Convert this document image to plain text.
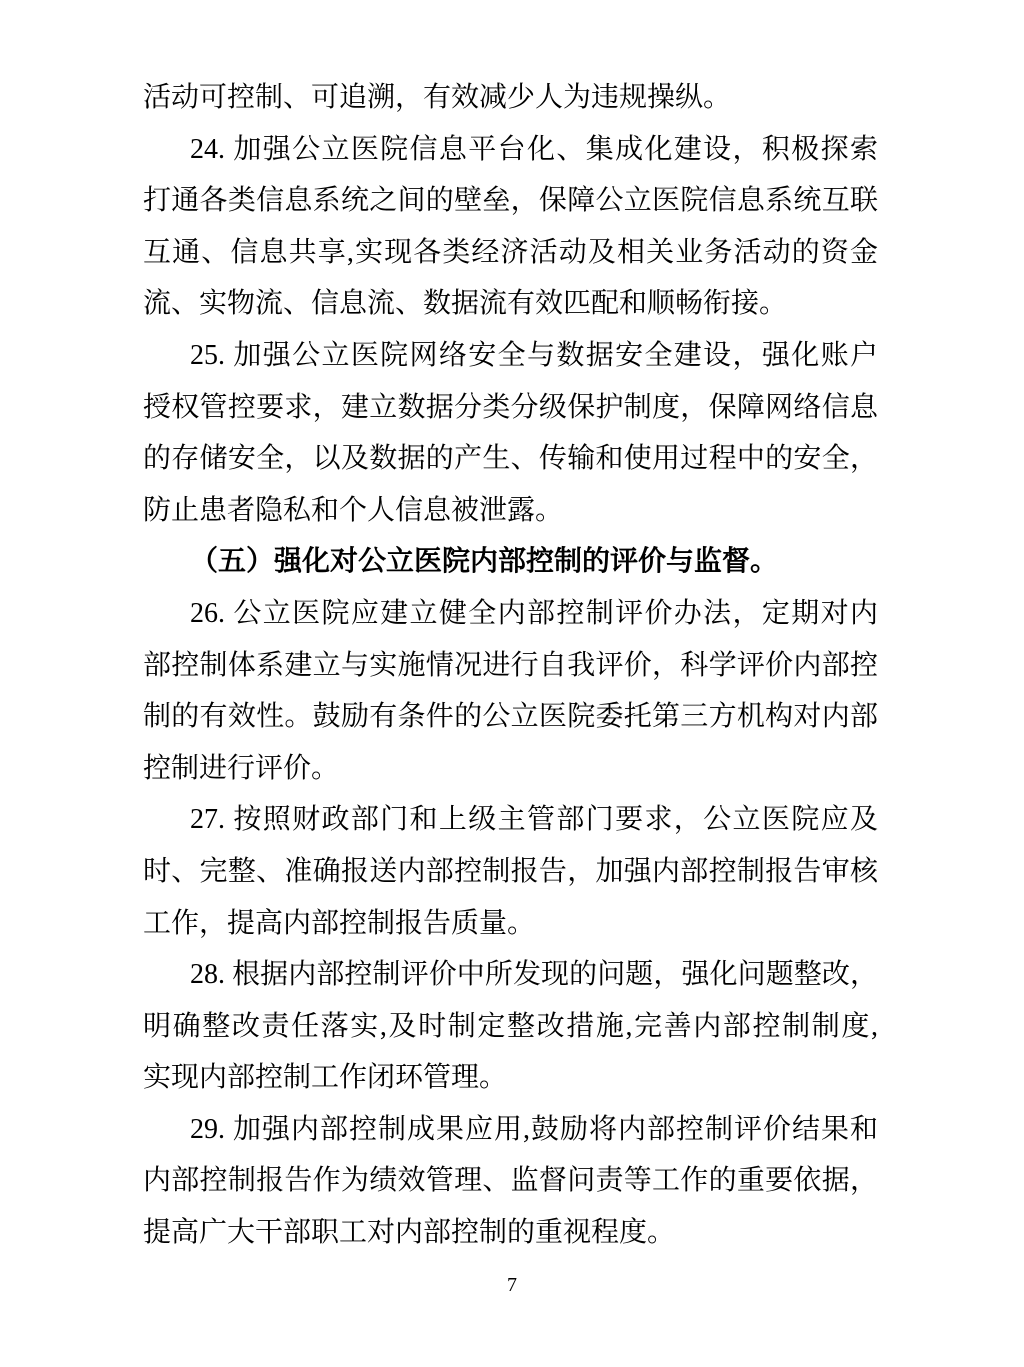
活动可控制、可追溯，有效减少人为违规操纵。
24. 加强公立医院信息平台化、集成化建设，积极探索
打通各类信息系统之间的壁垒，保障公立医院信息系统互联
互通、信息共享,实现各类经济活动及相关业务活动的资金
流、实物流、信息流、数据流有效匹配和顺畅衔接。
25. 加强公立医院网络安全与数据安全建设，强化账户
授权管控要求，建立数据分类分级保护制度，保障网络信息
的存储安全，以及数据的产生、传输和使用过程中的安全，
防止患者隐私和个人信息被泄露。
（五）强化对公立医院内部控制的评价与监督。
26. 公立医院应建立健全内部控制评价办法，定期对内
部控制体系建立与实施情况进行自我评价，科学评价内部控
制的有效性。鼓励有条件的公立医院委托第三方机构对内部
控制进行评价。
27. 按照财政部门和上级主管部门要求，公立医院应及
时、完整、准确报送内部控制报告，加强内部控制报告审核
工作，提高内部控制报告质量。
28. 根据内部控制评价中所发现的问题，强化问题整改，
明确整改责任落实,及时制定整改措施,完善内部控制制度,
实现内部控制工作闭环管理。
29. 加强内部控制成果应用,鼓励将内部控制评价结果和
内部控制报告作为绩效管理、监督问责等工作的重要依据，
提高广大干部职工对内部控制的重视程度。
7
